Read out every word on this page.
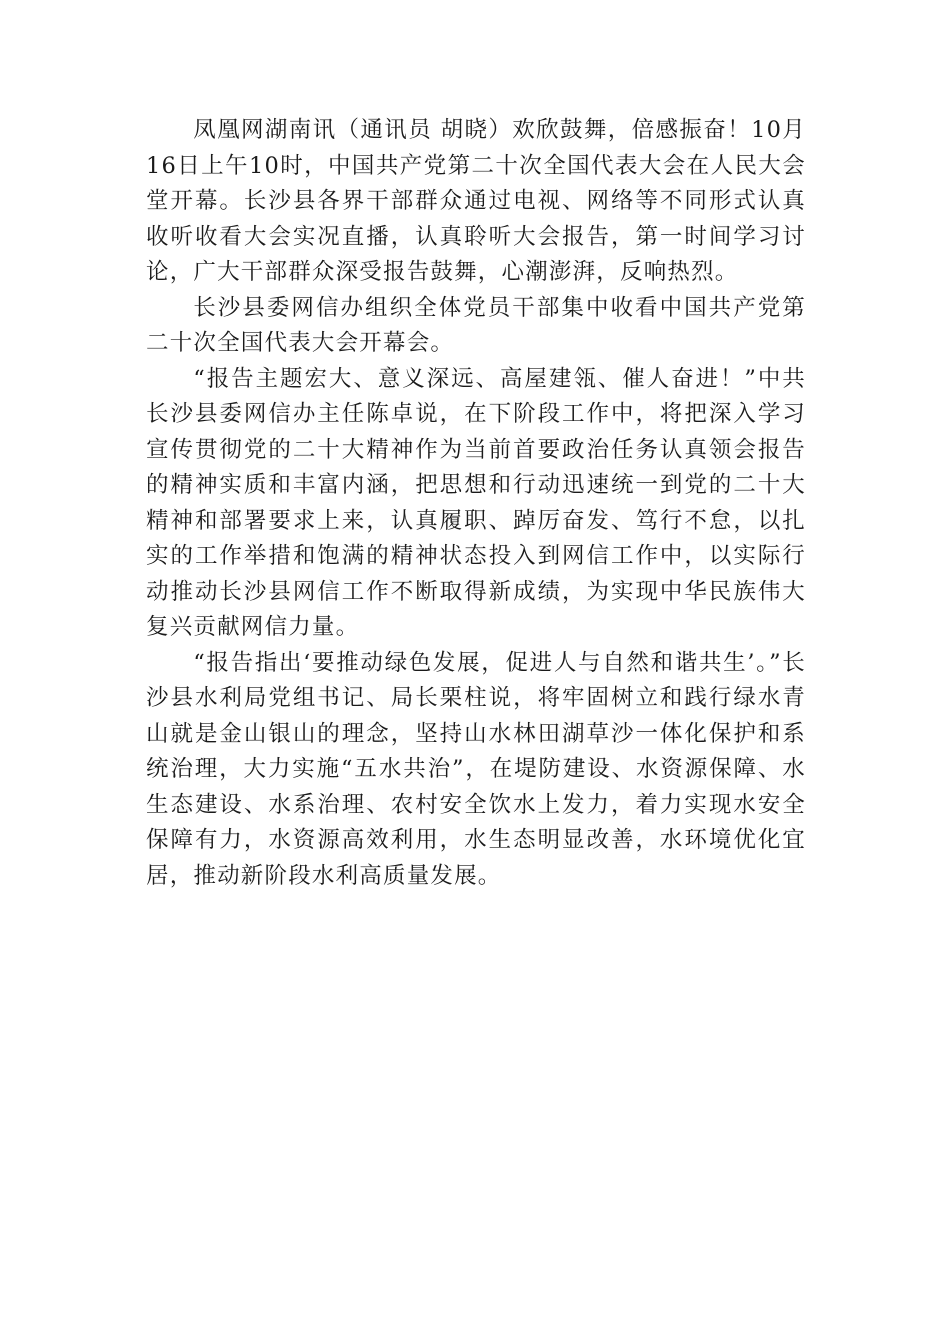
凤凰网湖南讯（通讯员 胡晓）欢欣鼓舞，倍感振奋！10月16日上午10时，中国共产党第二十次全国代表大会在人民大会堂开幕。长沙县各界干部群众通过电视、网络等不同形式认真收听收看大会实况直播，认真聆听大会报告，第一时间学习讨论，广大干部群众深受报告鼓舞，心潮澎湃，反响热烈。

长沙县委网信办组织全体党员干部集中收看中国共产党第二十次全国代表大会开幕会。

“报告主题宏大、意义深远、高屋建瓴、催人奋进！”中共长沙县委网信办主任陈卓说，在下阶段工作中，将把深入学习宣传贯彻党的二十大精神作为当前首要政治任务认真领会报告的精神实质和丰富内涵，把思想和行动迅速统一到党的二十大精神和部署要求上来，认真履职、踔厉奋发、笃行不怠，以扎实的工作举措和饱满的精神状态投入到网信工作中，以实际行动推动长沙县网信工作不断取得新成绩，为实现中华民族伟大复兴贡献网信力量。

“报告指出‘要推动绿色发展，促进人与自然和谐共生’。”长沙县水利局党组书记、局长栗柱说，将牢固树立和践行绿水青山就是金山银山的理念，坚持山水林田湖草沙一体化保护和系统治理，大力实施“五水共治”，在堤防建设、水资源保障、水生态建设、水系治理、农村安全饮水上发力，着力实现水安全保障有力，水资源高效利用，水生态明显改善，水环境优化宜居，推动新阶段水利高质量发展。
